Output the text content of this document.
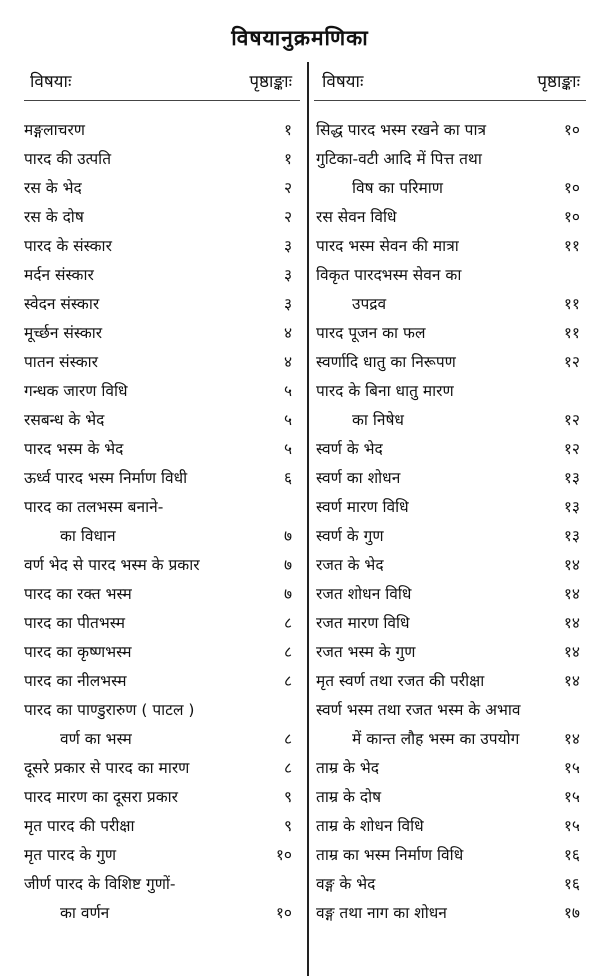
विषयानुक्रमणिका
विषयाः	पृष्ठाङ्काः
मङ्गलाचरण	१
पारद की उत्पति	१
रस के भेद	२
रस के दोष	२
पारद के संस्कार	३
मर्दन संस्कार	३
स्वेदन संस्कार	३
मूर्च्छन संस्कार	४
पातन संस्कार	४
गन्धक जारण विधि	५
रसबन्ध के भेद	५
पारद भस्म के भेद	५
ऊर्ध्व पारद भस्म निर्माण विधी	६
पारद का तलभस्म बनाने-
का विधान	७
वर्ण भेद से पारद भस्म के प्रकार	७
पारद का रक्त भस्म	७
पारद का पीतभस्म	८
पारद का कृष्णभस्म	८
पारद का नीलभस्म	८
पारद का पाण्डुरारुण ( पाटल )
वर्ण का भस्म	८
दूसरे प्रकार से पारद का मारण	८
पारद मारण का दूसरा प्रकार	९
मृत पारद की परीक्षा	९
मृत पारद के गुण	१०
जीर्ण पारद के विशिष्ट गुणों-
का वर्णन	१०
विषयाः	पृष्ठाङ्काः
सिद्ध पारद भस्म रखने का पात्र	१०
गुटिका-वटी आदि में पित्त तथा
विष का परिमाण	१०
रस सेवन विधि	१०
पारद भस्म सेवन की मात्रा	११
विकृत पारदभस्म सेवन का
उपद्रव	११
पारद पूजन का फल	११
स्वर्णादि धातु का निरूपण	१२
पारद के बिना धातु मारण
का निषेध	१२
स्वर्ण के भेद	१२
स्वर्ण का शोधन	१३
स्वर्ण मारण विधि	१३
स्वर्ण के गुण	१३
रजत के भेद	१४
रजत शोधन विधि	१४
रजत मारण विधि	१४
रजत भस्म के गुण	१४
मृत स्वर्ण तथा रजत की परीक्षा	१४
स्वर्ण भस्म तथा रजत भस्म के अभाव
में कान्त लौह भस्म का उपयोग	१४
ताम्र के भेद	१५
ताम्र के दोष	१५
ताम्र के शोधन विधि	१५
ताम्र का भस्म निर्माण विधि	१६
वङ्ग के भेद	१६
वङ्ग तथा नाग का शोधन	१७
